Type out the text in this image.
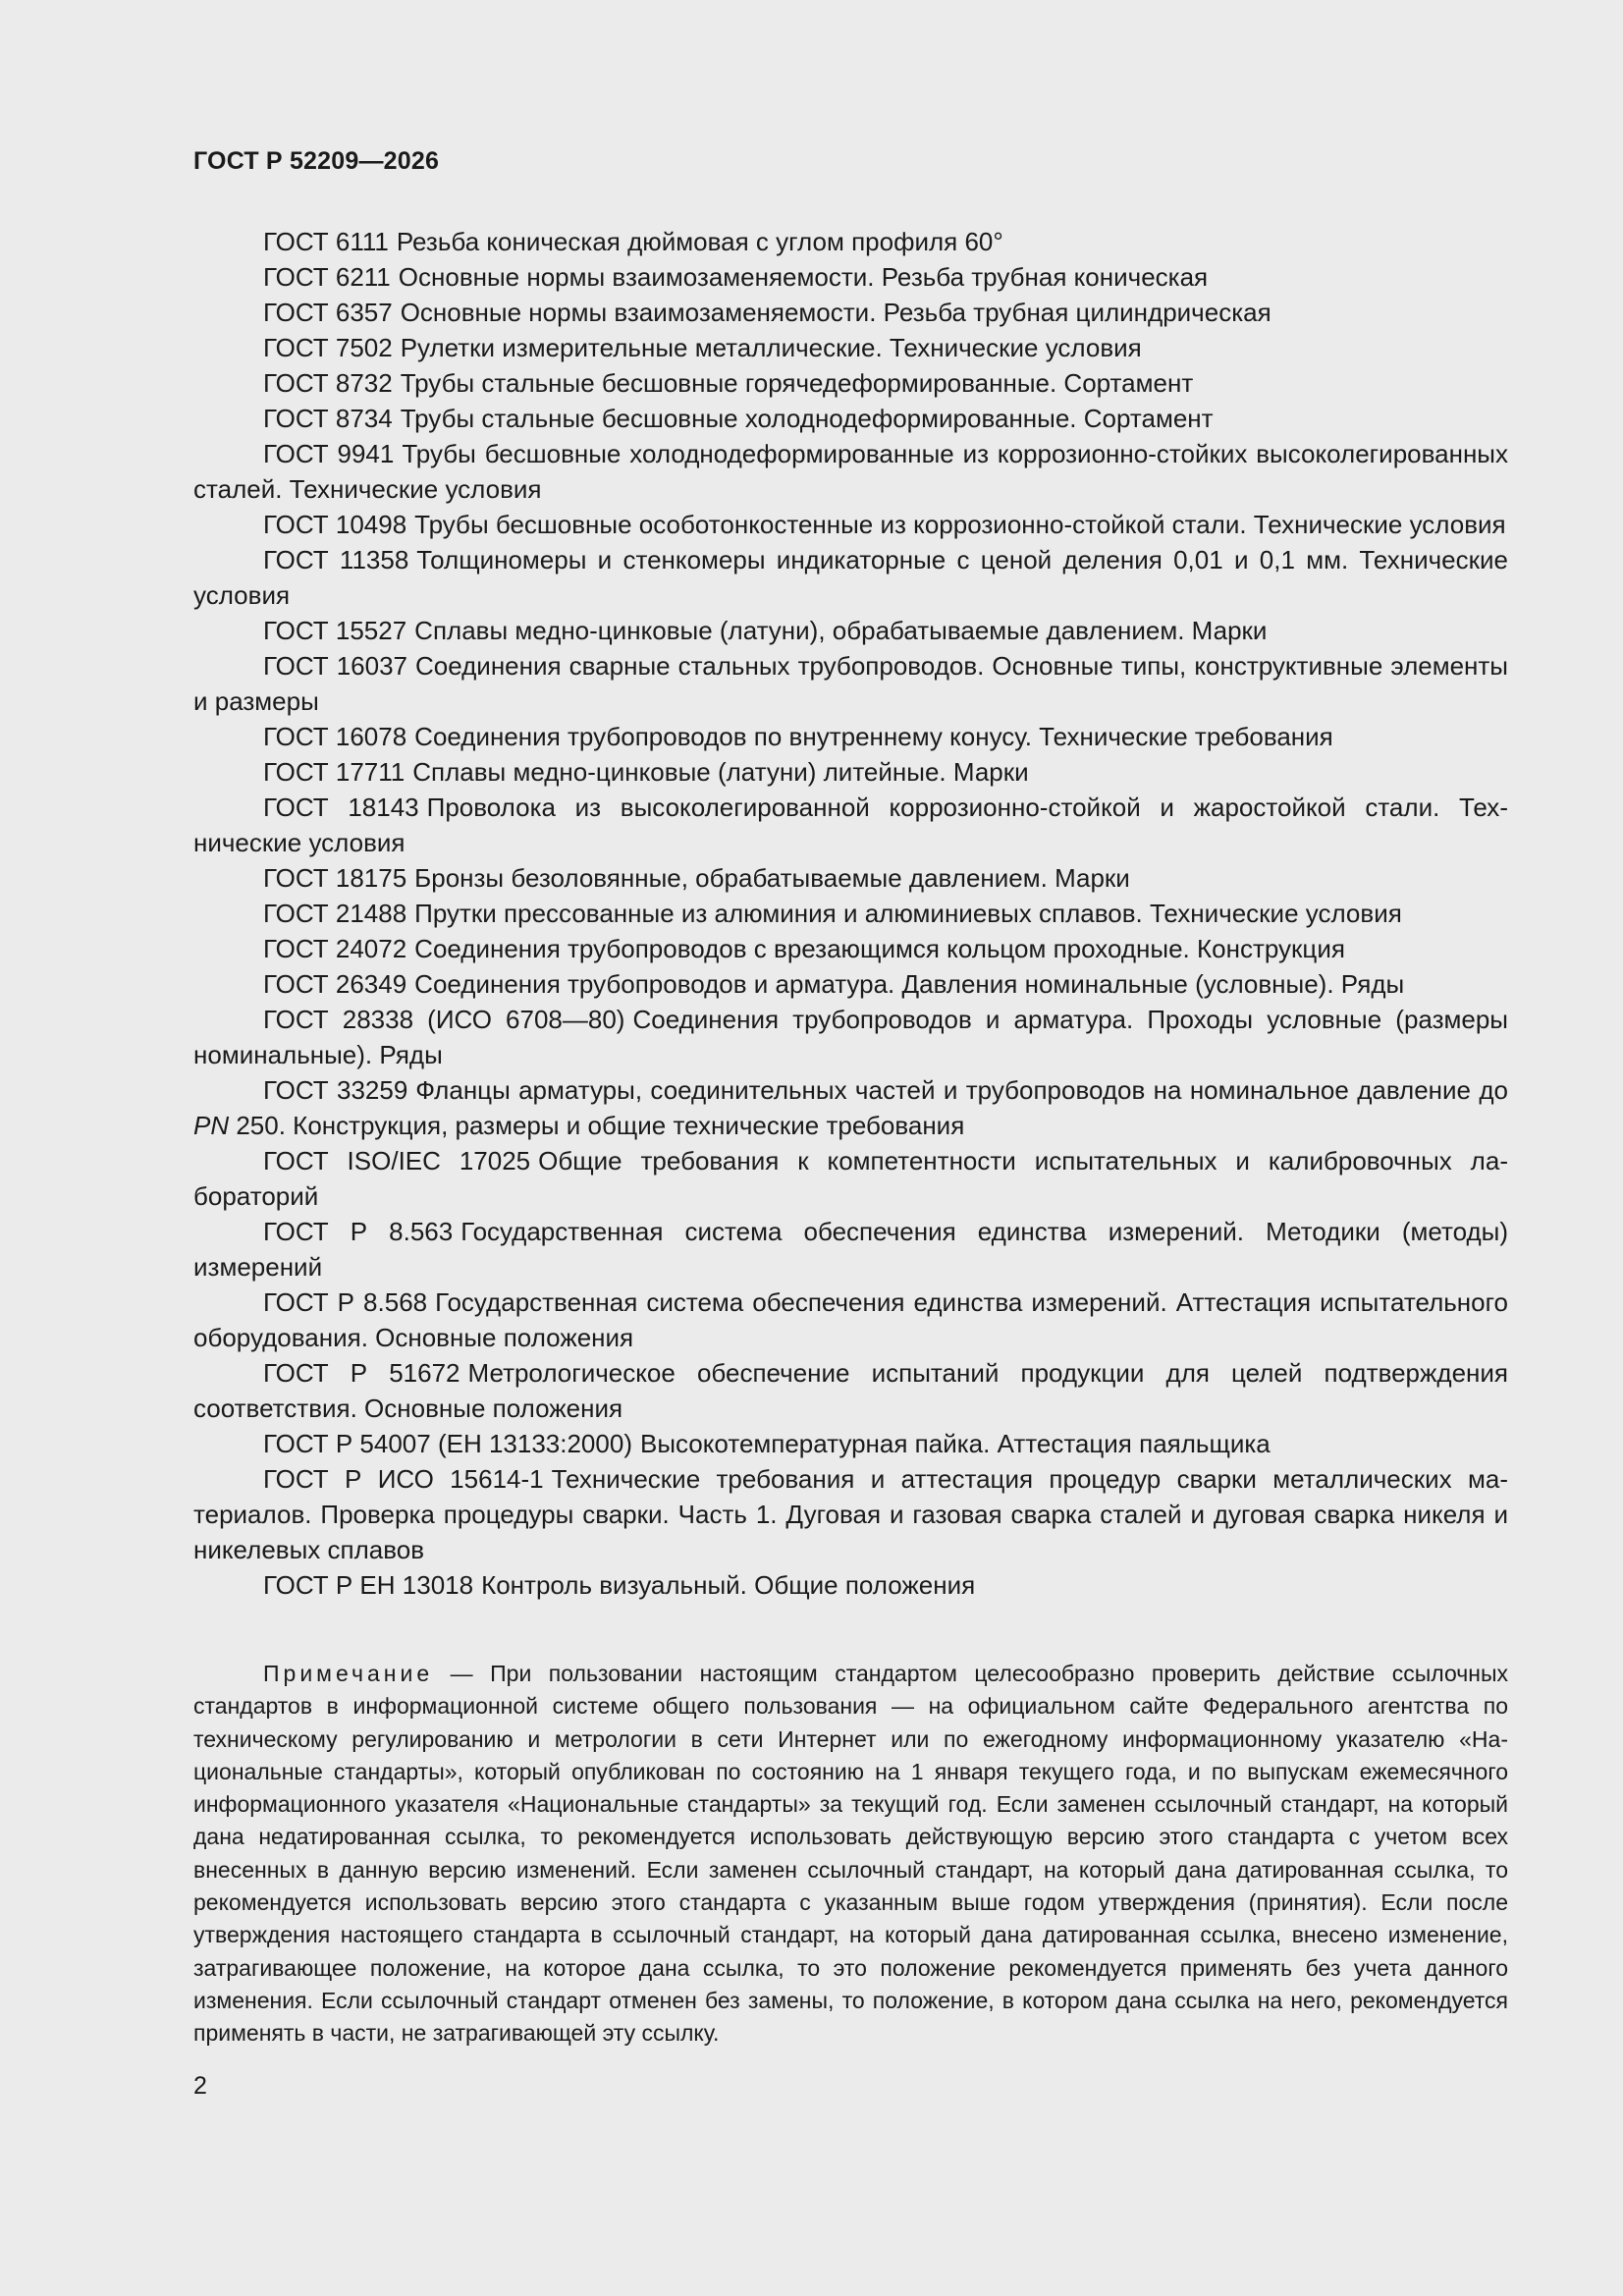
ГОСТ Р 52209—2026
ГОСТ 6111 Резьба коническая дюймовая с углом профиля 60°
ГОСТ 6211 Основные нормы взаимозаменяемости. Резьба трубная коническая
ГОСТ 6357 Основные нормы взаимозаменяемости. Резьба трубная цилиндрическая
ГОСТ 7502 Рулетки измерительные металлические. Технические условия
ГОСТ 8732 Трубы стальные бесшовные горячедеформированные. Сортамент
ГОСТ 8734 Трубы стальные бесшовные холоднодеформированные. Сортамент
ГОСТ 9941 Трубы бесшовные холоднодеформированные из коррозионно-стойких высоколегированных сталей. Технические условия
ГОСТ 10498 Трубы бесшовные особотонкостенные из коррозионно-стойкой стали. Технические условия
ГОСТ 11358 Толщиномеры и стенкомеры индикаторные с ценой деления 0,01 и 0,1 мм. Технические условия
ГОСТ 15527 Сплавы медно-цинковые (латуни), обрабатываемые давлением. Марки
ГОСТ 16037 Соединения сварные стальных трубопроводов. Основные типы, конструктивные элементы и размеры
ГОСТ 16078 Соединения трубопроводов по внутреннему конусу. Технические требования
ГОСТ 17711 Сплавы медно-цинковые (латуни) литейные. Марки
ГОСТ 18143 Проволока из высоколегированной коррозионно-стойкой и жаростойкой стали. Технические условия
ГОСТ 18175 Бронзы безоловянные, обрабатываемые давлением. Марки
ГОСТ 21488 Прутки прессованные из алюминия и алюминиевых сплавов. Технические условия
ГОСТ 24072 Соединения трубопроводов с врезающимся кольцом проходные. Конструкция
ГОСТ 26349 Соединения трубопроводов и арматура. Давления номинальные (условные). Ряды
ГОСТ 28338 (ИСО 6708—80) Соединения трубопроводов и арматура. Проходы условные (размеры номинальные). Ряды
ГОСТ 33259 Фланцы арматуры, соединительных частей и трубопроводов на номинальное давление до PN 250. Конструкция, размеры и общие технические требования
ГОСТ ISO/IEC 17025 Общие требования к компетентности испытательных и калибровочных лабораторий
ГОСТ Р 8.563 Государственная система обеспечения единства измерений. Методики (методы) измерений
ГОСТ Р 8.568 Государственная система обеспечения единства измерений. Аттестация испытательного оборудования. Основные положения
ГОСТ Р 51672 Метрологическое обеспечение испытаний продукции для целей подтверждения соответствия. Основные положения
ГОСТ Р 54007 (ЕН 13133:2000) Высокотемпературная пайка. Аттестация паяльщика
ГОСТ Р ИСО 15614-1 Технические требования и аттестация процедур сварки металлических материалов. Проверка процедуры сварки. Часть 1. Дуговая и газовая сварка сталей и дуговая сварка никеля и никелевых сплавов
ГОСТ Р ЕН 13018 Контроль визуальный. Общие положения

Примечание — При пользовании настоящим стандартом целесообразно проверить действие ссылочных стандартов в информационной системе общего пользования — на официальном сайте Федерального агентства по техническому регулированию и метрологии в сети Интернет или по ежегодному информационному указателю «Национальные стандарты», который опубликован по состоянию на 1 января текущего года, и по выпускам ежемесячного информационного указателя «Национальные стандарты» за текущий год. Если заменен ссылочный стандарт, на который дана недатированная ссылка, то рекомендуется использовать действующую версию этого стандарта с учетом всех внесенных в данную версию изменений. Если заменен ссылочный стандарт, на который дана датированная ссылка, то рекомендуется использовать версию этого стандарта с указанным выше годом утверждения (принятия). Если после утверждения настоящего стандарта в ссылочный стандарт, на который дана датированная ссылка, внесено изменение, затрагивающее положение, на которое дана ссылка, то это положение рекомендуется применять без учета данного изменения. Если ссылочный стандарт отменен без замены, то положение, в котором дана ссылка на него, рекомендуется применять в части, не затрагивающей эту ссылку.

2
